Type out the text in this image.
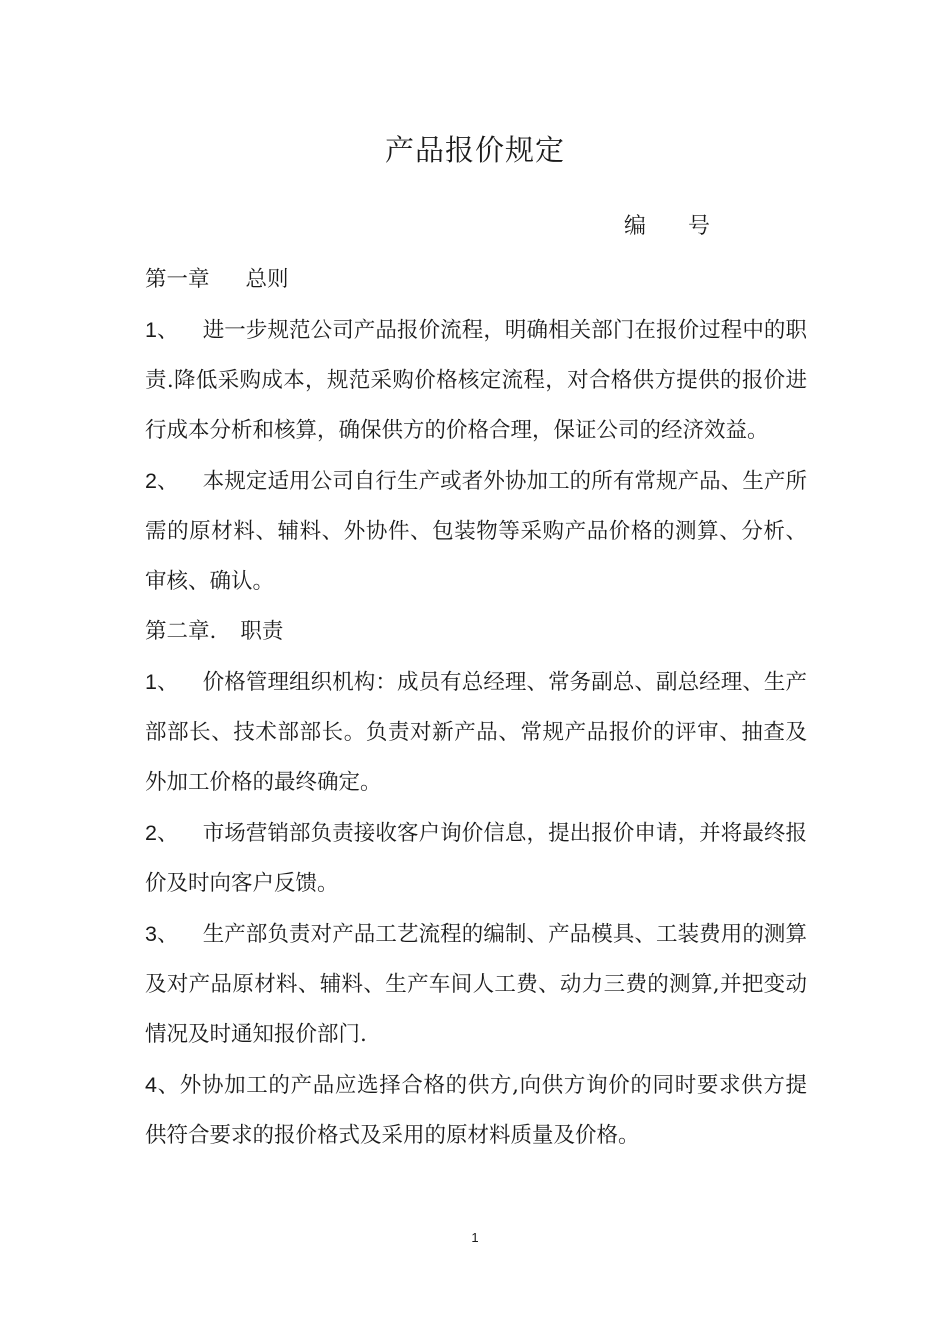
产品报价规定
编 号

第一章 总则

1、 进一步规范公司产品报价流程，明确相关部门在报价过程中的职责.降低采购成本，规范采购价格核定流程，对合格供方提供的报价进行成本分析和核算，确保供方的价格合理，保证公司的经济效益。

2、 本规定适用公司自行生产或者外协加工的所有常规产品、生产所需的原材料、辅料、外协件、包装物等采购产品价格的测算、分析、审核、确认。

第二章. 职责

1、 价格管理组织机构：成员有总经理、常务副总、副总经理、生产部部长、技术部部长。负责对新产品、常规产品报价的评审、抽查及外加工价格的最终确定。

2、 市场营销部负责接收客户询价信息，提出报价申请，并将最终报价及时向客户反馈。

3、 生产部负责对产品工艺流程的编制、产品模具、工装费用的测算及对产品原材料、辅料、生产车间人工费、动力三费的测算,并把变动情况及时通知报价部门.

4、外协加工的产品应选择合格的供方,向供方询价的同时要求供方提供符合要求的报价格式及采用的原材料质量及价格。

1
